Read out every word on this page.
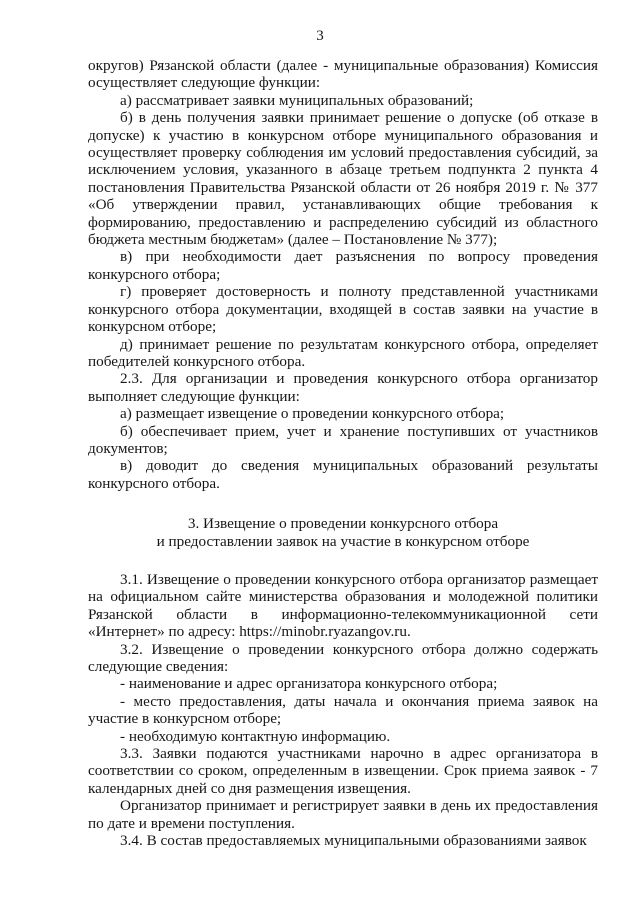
3

округов) Рязанской области (далее - муниципальные образования) Комиссия осуществляет следующие функции:

а) рассматривает заявки муниципальных образований;

б) в день получения заявки принимает решение о допуске (об отказе в допуске) к участию в конкурсном отборе муниципального образования и осуществляет проверку соблюдения им условий предоставления субсидий, за исключением условия, указанного в абзаце третьем подпункта 2 пункта 4 постановления Правительства Рязанской области от 26 ноября 2019 г. № 377 «Об утверждении правил, устанавливающих общие требования к формированию, предоставлению и распределению субсидий из областного бюджета местным бюджетам» (далее – Постановление № 377);

в) при необходимости дает разъяснения по вопросу проведения конкурсного отбора;

г) проверяет достоверность и полноту представленной участниками конкурсного отбора документации, входящей в состав заявки на участие в конкурсном отборе;

д) принимает решение по результатам конкурсного отбора, определяет победителей конкурсного отбора.

2.3. Для организации и проведения конкурсного отбора организатор выполняет следующие функции:

а) размещает извещение о проведении конкурсного отбора;

б) обеспечивает прием, учет и хранение поступивших от участников документов;

в) доводит до сведения муниципальных образований результаты конкурсного отбора.

3. Извещение о проведении конкурсного отбора
и предоставлении заявок на участие в конкурсном отборе

3.1. Извещение о проведении конкурсного отбора организатор размещает на официальном сайте министерства образования и молодежной политики Рязанской области в информационно-телекоммуникационной сети «Интернет» по адресу: https://minobr.ryazangov.ru.

3.2. Извещение о проведении конкурсного отбора должно содержать следующие сведения:

- наименование и адрес организатора конкурсного отбора;

- место предоставления, даты начала и окончания приема заявок на участие в конкурсном отборе;

- необходимую контактную информацию.

3.3. Заявки подаются участниками нарочно в адрес организатора в соответствии со сроком, определенным в извещении. Срок приема заявок - 7 календарных дней со дня размещения извещения.

Организатор принимает и регистрирует заявки в день их предоставления по дате и времени поступления.

3.4. В состав предоставляемых муниципальными образованиями заявок
